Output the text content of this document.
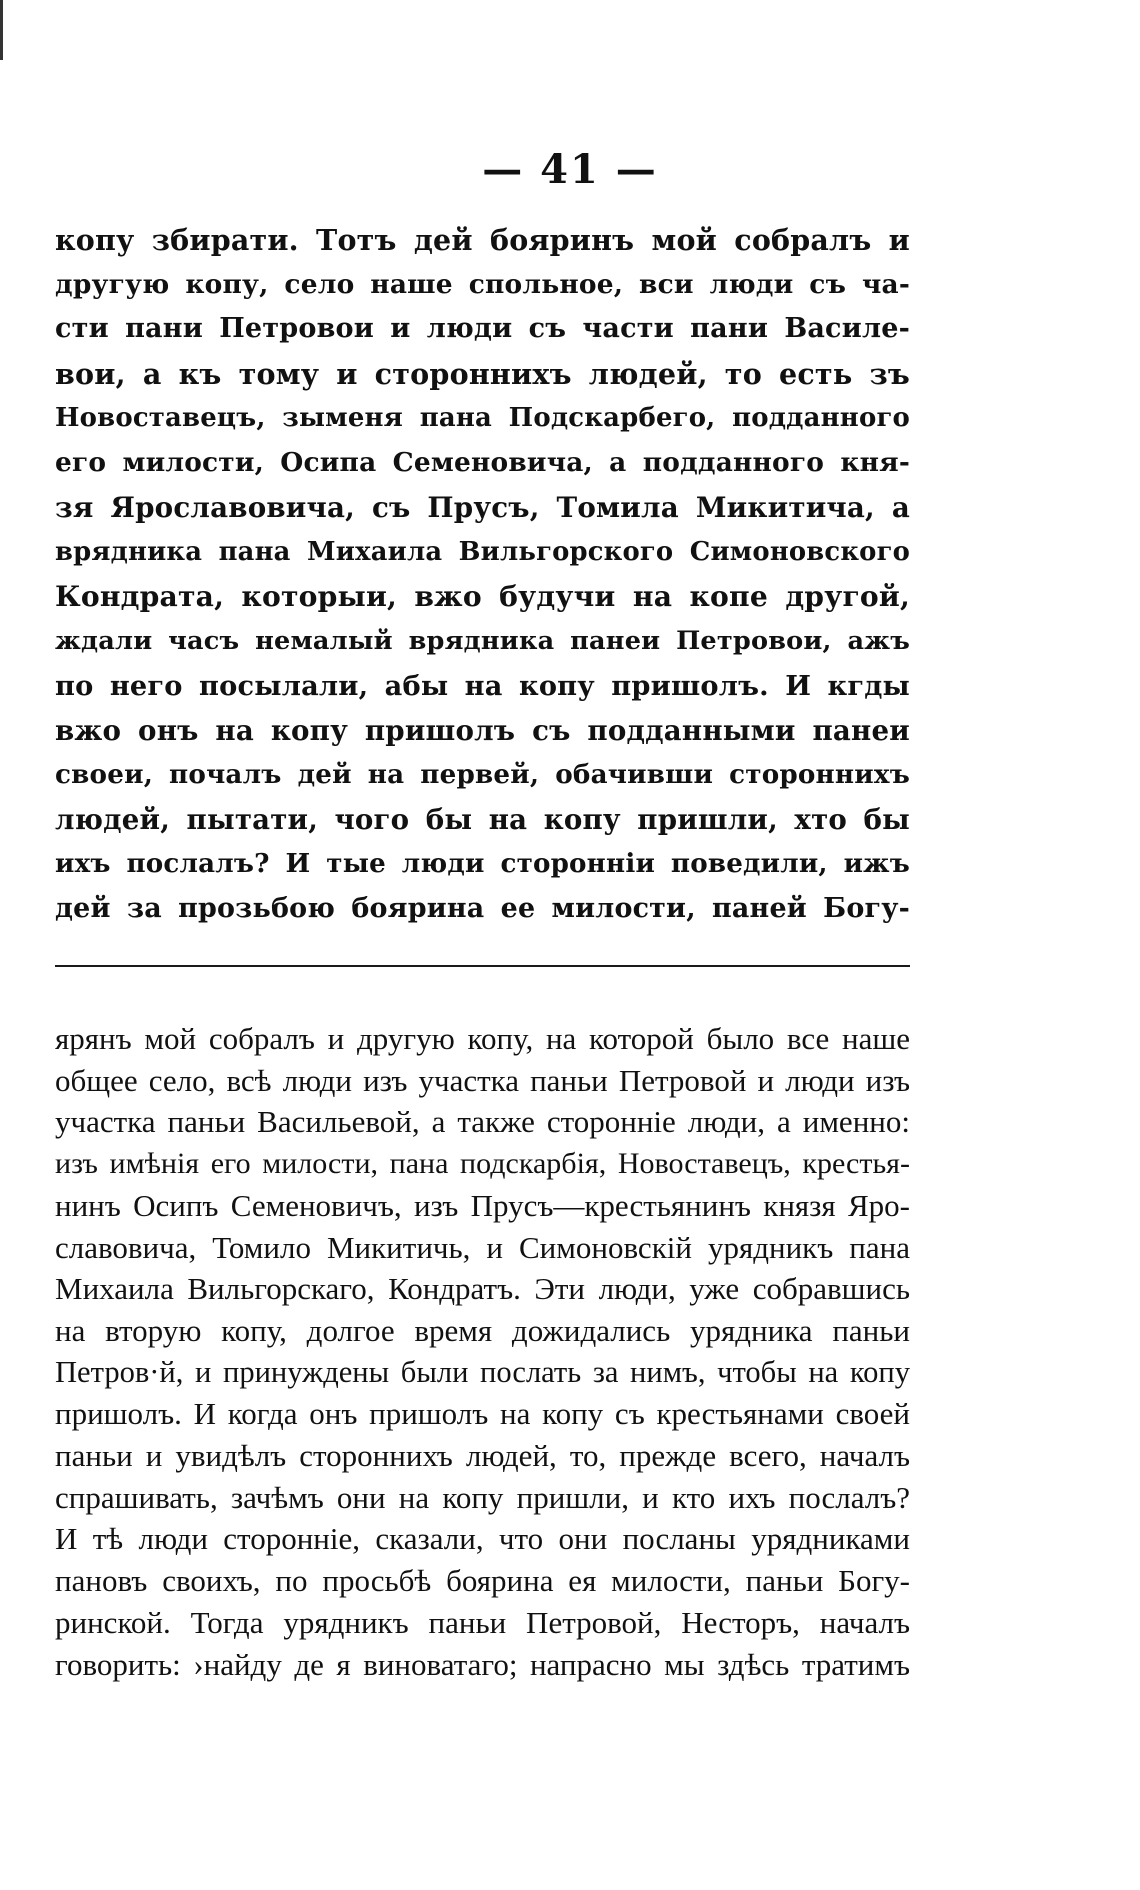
— 41 —
копу збирати. Тотъ дей бояринъ мой собралъ и
другую копу, село наше спольное, вси люди съ ча-
сти пани Петровои и люди съ части пани Василе-
вои, а къ тому и стороннихъ людей, то есть зъ
Новоставецъ, зыменя пана Подскарбего, подданного
его милости, Осипа Семеновича, а подданного кня-
зя Ярославовича, съ Прусъ, Томила Микитича, а
врядника пана Михаила Вильгорского Симоновского
Кондрата, которыи, вжо будучи на копе другой,
ждали часъ немалый врядника панеи Петровои, ажъ
по него посылали, абы на копу пришолъ. И кгды
вжо онъ на копу пришолъ съ подданными панеи
своеи, почалъ дей на первей, обачивши стороннихъ
людей, пытати, чого бы на копу пришли, хто бы
ихъ послалъ? И тые люди сторонніи поведили, ижъ
дей за прозьбою боярина ее милости, паней Богу-
ярянъ мой собралъ и другую копу, на которой было все наше
общее село, всѣ люди изъ участка паньи Петровой и люди изъ
участка паньи Васильевой, а также сторонніе люди, а именно:
изъ имѣнія его милости, пана подскарбія, Новоставецъ, крестья-
нинъ Осипъ Семеновичъ, изъ Прусъ—крестьянинъ князя Яро-
славовича, Томило Микитичь, и Симоновскій урядникъ пана
Михаила Вильгорскаго, Кондратъ. Эти люди, уже собравшись
на вторую копу, долгое время дожидались урядника паньи
Петров·й, и принуждены были послать за нимъ, чтобы на копу
пришолъ. И когда онъ пришолъ на копу съ крестьянами своей
паньи и увидѣлъ стороннихъ людей, то, прежде всего, началъ
спрашивать, зачѣмъ они на копу пришли, и кто ихъ послалъ?
И тѣ люди сторонніе, сказали, что они посланы урядниками
пановъ своихъ, по просьбѣ боярина ея милости, паньи Богу-
ринской. Тогда урядникъ паньи Петровой, Несторъ, началъ
говорить: ›найду де я виноватаго; напрасно мы здѣсь тратимъ
